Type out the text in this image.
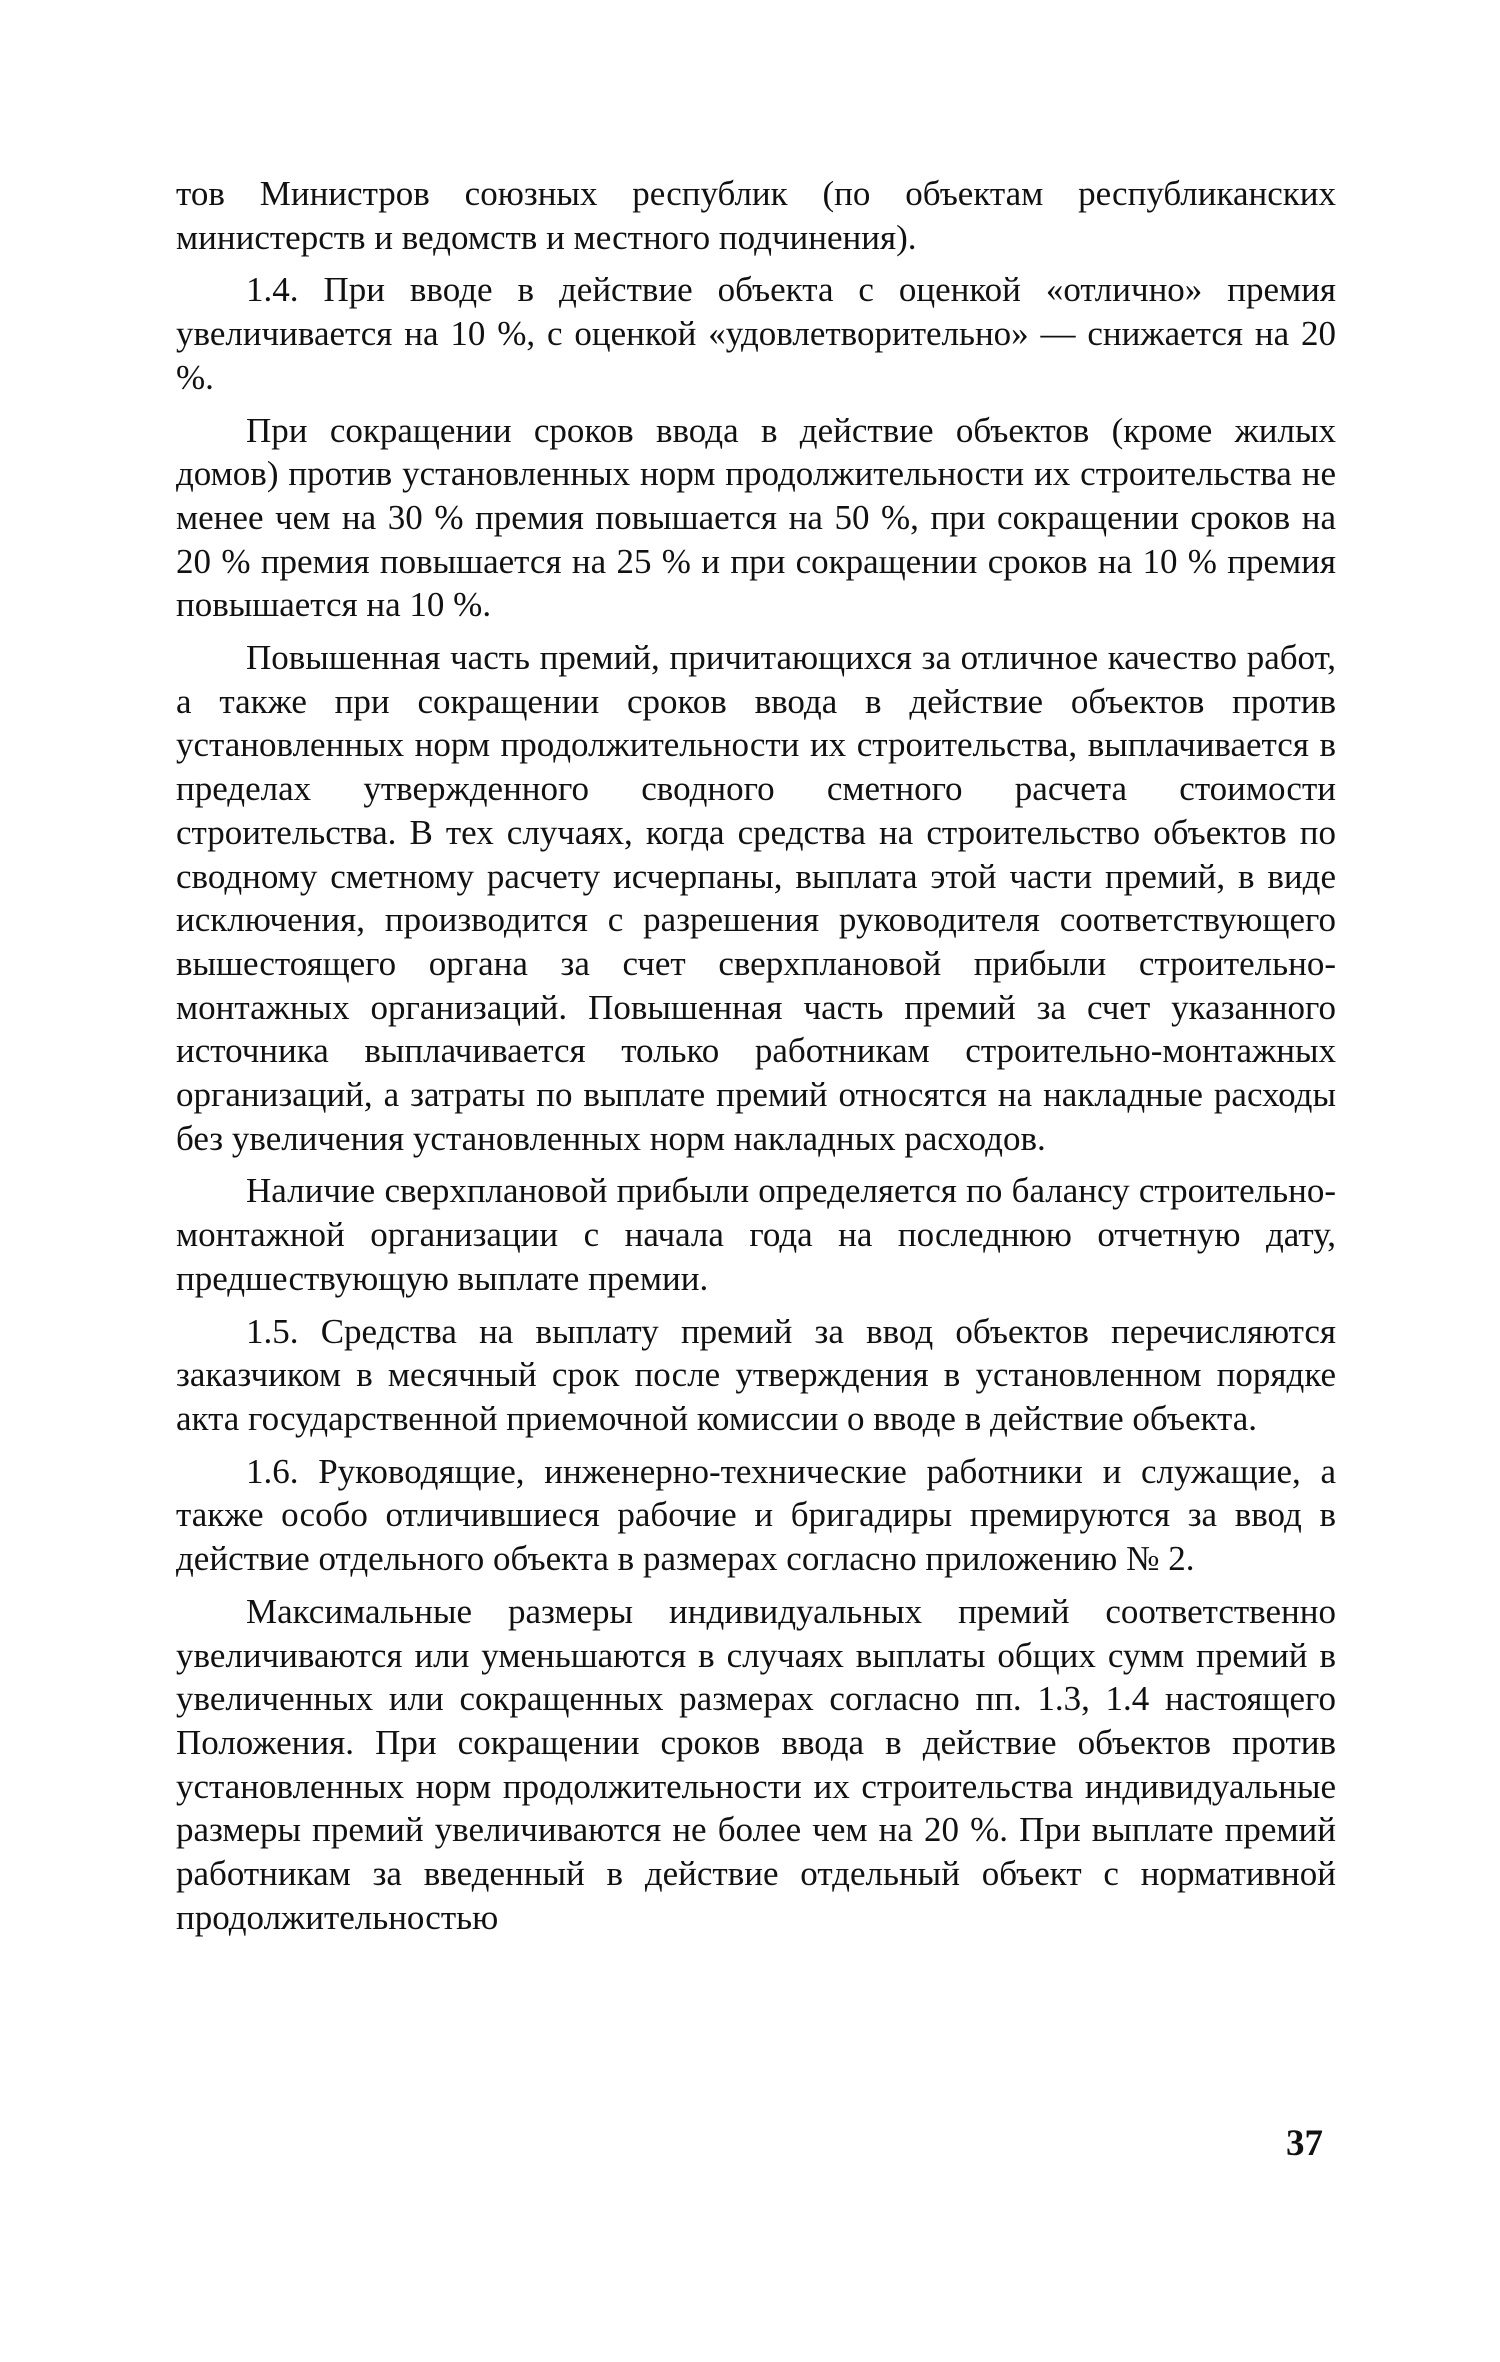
тов Министров союзных республик (по объектам республиканских министерств и ведомств и местного подчинения).

1.4. При вводе в действие объекта с оценкой «отлично» премия увеличивается на 10 %, с оценкой «удовлетворительно» — снижается на 20 %.

При сокращении сроков ввода в действие объектов (кроме жилых домов) против установленных норм продолжительности их строительства не менее чем на 30 % премия повышается на 50 %, при сокращении сроков на 20 % премия повышается на 25 % и при сокращении сроков на 10 % премия повышается на 10 %.

Повышенная часть премий, причитающихся за отличное качество работ, а также при сокращении сроков ввода в действие объектов против установленных норм продолжительности их строительства, выплачивается в пределах утвержденного сводного сметного расчета стоимости строительства. В тех случаях, когда средства на строительство объектов по сводному сметному расчету исчерпаны, выплата этой части премий, в виде исключения, производится с разрешения руководителя соответствующего вышестоящего органа за счет сверхплановой прибыли строительно-монтажных организаций. Повышенная часть премий за счет указанного источника выплачивается только работникам строительно-монтажных организаций, а затраты по выплате премий относятся на накладные расходы без увеличения установленных норм накладных расходов.

Наличие сверхплановой прибыли определяется по балансу строительно-монтажной организации с начала года на последнюю отчетную дату, предшествующую выплате премии.

1.5. Средства на выплату премий за ввод объектов перечисляются заказчиком в месячный срок после утверждения в установленном порядке акта государственной приемочной комиссии о вводе в действие объекта.

1.6. Руководящие, инженерно-технические работники и служащие, а также особо отличившиеся рабочие и бригадиры премируются за ввод в действие отдельного объекта в размерах согласно приложению № 2.

Максимальные размеры индивидуальных премий соответственно увеличиваются или уменьшаются в случаях выплаты общих сумм премий в увеличенных или сокращенных размерах согласно пп. 1.3, 1.4 настоящего Положения. При сокращении сроков ввода в действие объектов против установленных норм продолжительности их строительства индивидуальные размеры премий увеличиваются не более чем на 20 %. При выплате премий работникам за введенный в действие отдельный объект с нормативной продолжительностью

37
